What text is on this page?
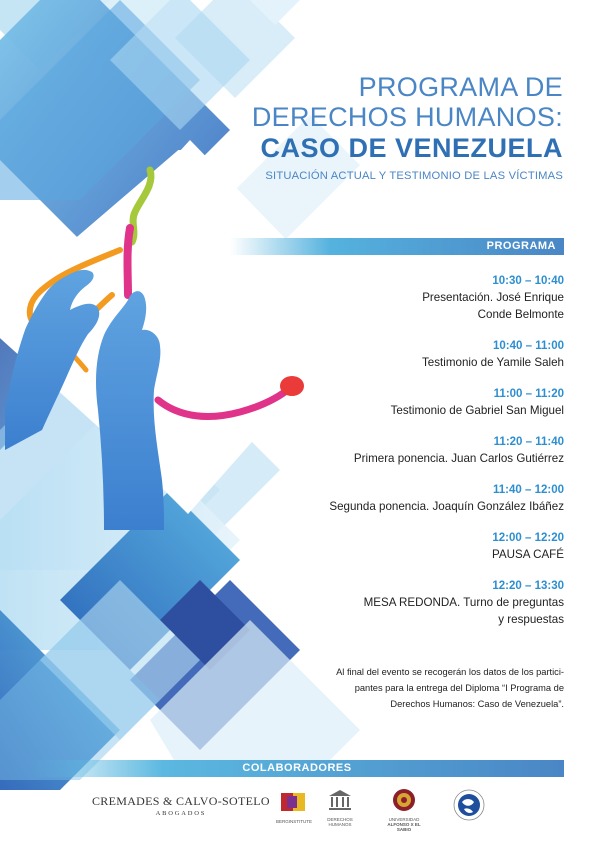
PROGRAMA DE
DERECHOS HUMANOS:
CASO DE VENEZUELA
SITUACIÓN ACTUAL Y TESTIMONIO DE LAS VÍCTIMAS
PROGRAMA
10:30 – 10:40
Presentación. José Enrique
Conde Belmonte
10:40 – 11:00
Testimonio de Yamile Saleh
11:00 – 11:20
Testimonio de Gabriel San Miguel
11:20 – 11:40
Primera ponencia. Juan Carlos Gutiérrez
11:40 – 12:00
Segunda ponencia. Joaquín González Ibáñez
12:00 – 12:20
PAUSA CAFÉ
12:20 – 13:30
MESA REDONDA. Turno de preguntas
y respuestas
Al final del evento se recogerán los datos de los partici-
pantes para la entrega del Diploma “I Programa de
Derechos Humanos: Caso de Venezuela”.
COLABORADORES
CREMADES & CALVO-SOTELO
ABOGADOS
BERGINSTITUTE	DERECHOS
HUMANOS
UNIVERSIDAD
ALFONSO X EL SABIO
